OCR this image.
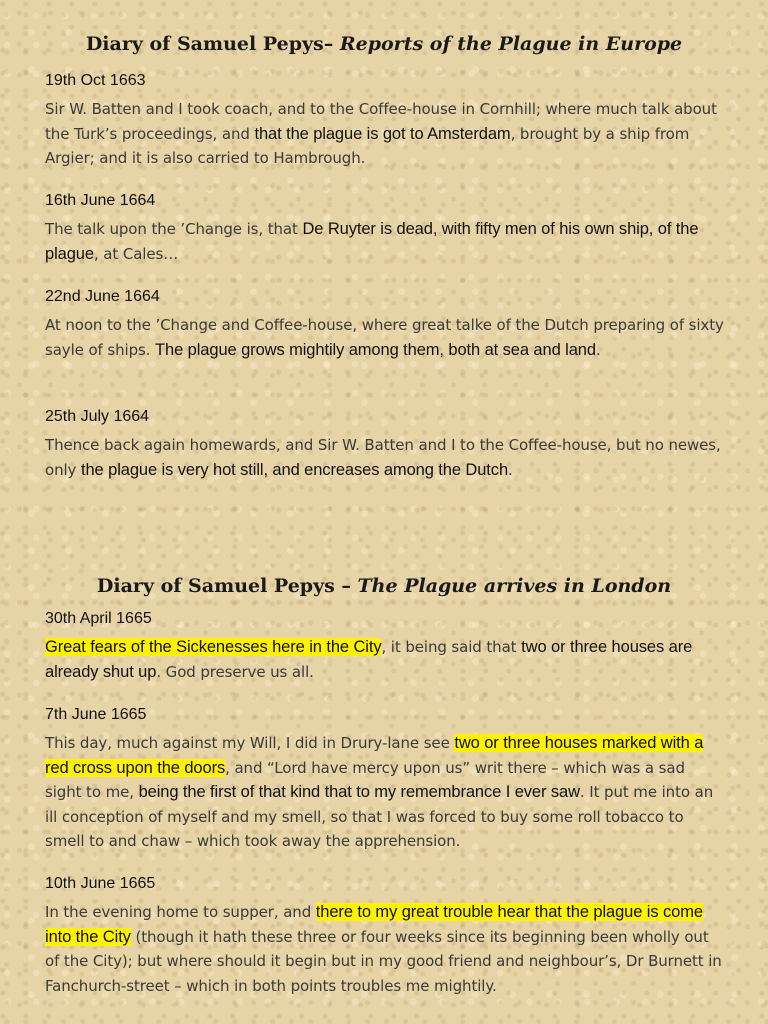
Diary of Samuel Pepys– Reports of the Plague in Europe

19th Oct 1663

Sir W. Batten and I took coach, and to the Coffee-house in Cornhill; where much talk about the Turk’s proceedings, and that the plague is got to Amsterdam, brought by a ship from Argier; and it is also carried to Hambrough.

16th June 1664

The talk upon the ’Change is, that De Ruyter is dead, with fifty men of his own ship, of the plague, at Cales…

22nd June 1664

At noon to the ’Change and Coffee-house, where great talke of the Dutch preparing of sixty sayle of ships. The plague grows mightily among them, both at sea and land.

25th July 1664

Thence back again homewards, and Sir W. Batten and I to the Coffee-house, but no newes, only the plague is very hot still, and encreases among the Dutch.

Diary of Samuel Pepys – The Plague arrives in London

30th April 1665

Great fears of the Sickenesses here in the City, it being said that two or three houses are already shut up. God preserve us all.

7th June 1665

This day, much against my Will, I did in Drury-lane see two or three houses marked with a red cross upon the doors, and “Lord have mercy upon us” writ there – which was a sad sight to me, being the first of that kind that to my remembrance I ever saw. It put me into an ill conception of myself and my smell, so that I was forced to buy some roll tobacco to smell to and chaw – which took away the apprehension.

10th June 1665

In the evening home to supper, and there to my great trouble hear that the plague is come into the City (though it hath these three or four weeks since its beginning been wholly out of the City); but where should it begin but in my good friend and neighbour’s, Dr Burnett in Fanchurch-street – which in both points troubles me mightily.
